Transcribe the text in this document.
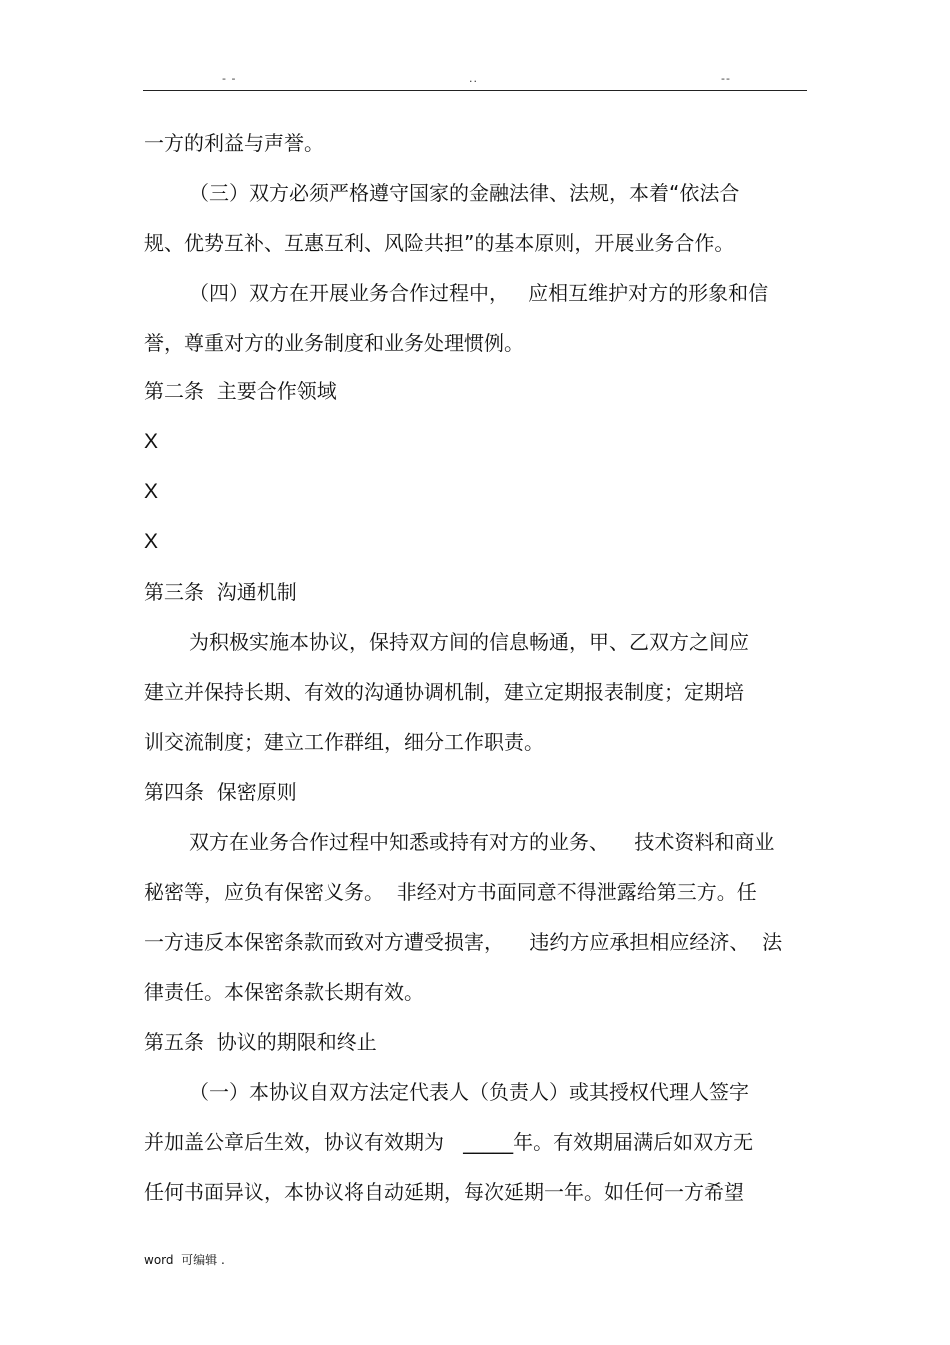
- -	..	--
一方的利益与声誉。
（三）双方必须严格遵守国家的金融法律、法规，本着“依法合
规、优势互补、互惠互利、风险共担”的基本原则，开展业务合作。
（四）双方在开展业务合作过程中，   应相互维护对方的形象和信
誉，尊重对方的业务制度和业务处理惯例。
第二条  主要合作领域
X
X
X
第三条  沟通机制
为积极实施本协议，保持双方间的信息畅通，甲、乙双方之间应
建立并保持长期、有效的沟通协调机制，建立定期报表制度；定期培
训交流制度；建立工作群组，细分工作职责。
第四条  保密原则
双方在业务合作过程中知悉或持有对方的业务、    技术资料和商业
秘密等，应负有保密义务。  非经对方书面同意不得泄露给第三方。任
一方违反本保密条款而致对方遭受损害，    违约方应承担相应经济、  法
律责任。本保密条款长期有效。
第五条  协议的期限和终止
（一）本协议自双方法定代表人（负责人）或其授权代理人签字
并加盖公章后生效，协议有效期为   _____年。有效期届满后如双方无
任何书面异议，本协议将自动延期，每次延期一年。如任何一方希望
word  可编辑 .
